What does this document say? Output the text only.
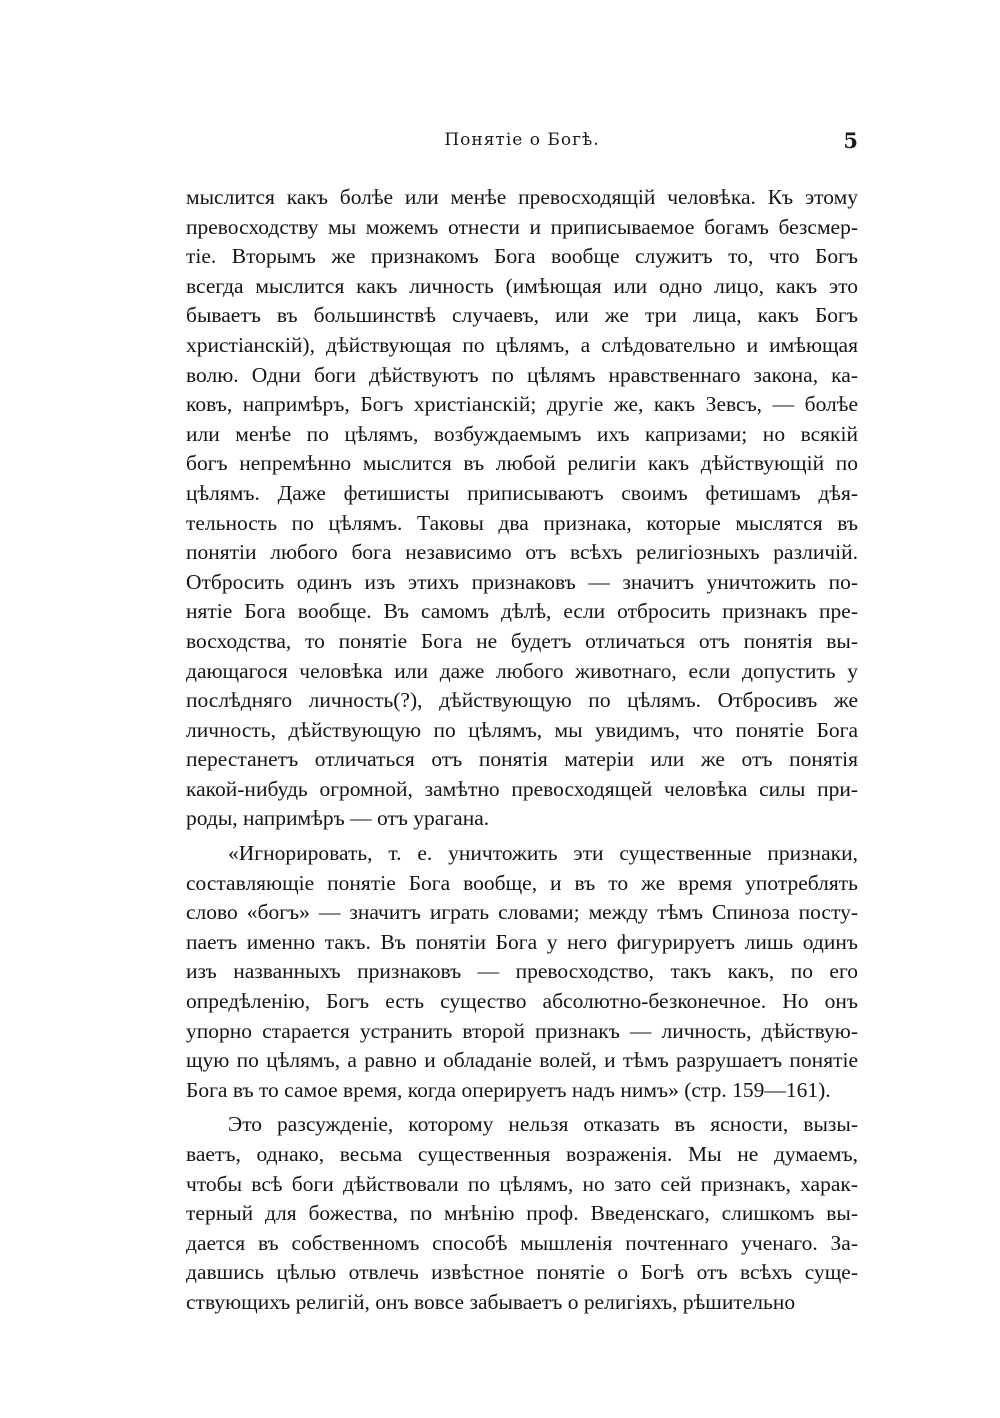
Понятіе о Богѣ.	5
мыслится какъ болѣе или менѣе превосходящій человѣка. Къ этому
превосходству мы можемъ отнести и приписываемое богамъ безсмер-
тіе. Вторымъ же признакомъ Бога вообще служитъ то, что Богъ
всегда мыслится какъ личность (имѣющая или одно лицо, какъ это
бываетъ въ большинствѣ случаевъ, или же три лица, какъ Богъ
христіанскій), дѣйствующая по цѣлямъ, а слѣдовательно и имѣющая
волю. Одни боги дѣйствуютъ по цѣлямъ нравственнаго закона, ка-
ковъ, напримѣръ, Богъ христіанскій; другіе же, какъ Зевсъ, — болѣе
или менѣе по цѣлямъ, возбуждаемымъ ихъ капризами; но всякій
богъ непремѣнно мыслится въ любой религіи какъ дѣйствующій по
цѣлямъ. Даже фетишисты приписываютъ своимъ фетишамъ дѣя-
тельность по цѣлямъ. Таковы два признака, которые мыслятся въ
понятіи любого бога независимо отъ всѣхъ религіозныхъ различій.
Отбросить одинъ изъ этихъ признаковъ — значитъ уничтожить по-
нятіе Бога вообще. Въ самомъ дѣлѣ, если отбросить признакъ пре-
восходства, то понятіе Бога не будетъ отличаться отъ понятія вы-
дающагося человѣка или даже любого животнаго, если допустить у
послѣдняго личность(?), дѣйствующую по цѣлямъ. Отбросивъ же
личность, дѣйствующую по цѣлямъ, мы увидимъ, что понятіе Бога
перестанетъ отличаться отъ понятія матеріи или же отъ понятія
какой-нибудь огромной, замѣтно превосходящей человѣка силы при-
роды, напримѣръ — отъ урагана.
«Игнорировать, т. е. уничтожить эти существенные признаки,
составляющіе понятіе Бога вообще, и въ то же время употреблять
слово «богъ» — значитъ играть словами; между тѣмъ Спиноза посту-
паетъ именно такъ. Въ понятіи Бога у него фигурируетъ лишь одинъ
изъ названныхъ признаковъ — превосходство, такъ какъ, по его
опредѣленію, Богъ есть существо абсолютно-безконечное. Но онъ
упорно старается устранить второй признакъ — личность, дѣйствую-
щую по цѣлямъ, а равно и обладаніе волей, и тѣмъ разрушаетъ понятіе
Бога въ то самое время, когда оперируетъ надъ нимъ» (стр. 159—161).
Это разсужденіе, которому нельзя отказать въ ясности, вызы-
ваетъ, однако, весьма существенныя возраженія. Мы не думаемъ,
чтобы всѣ боги дѣйствовали по цѣлямъ, но зато сей признакъ, харак-
терный для божества, по мнѣнію проф. Введенскаго, слишкомъ вы-
дается въ собственномъ способѣ мышленія почтеннаго ученаго. За-
давшись цѣлью отвлечь извѣстное понятіе о Богѣ отъ всѣхъ суще-
ствующихъ религій, онъ вовсе забываетъ о религіяхъ, рѣшительно
